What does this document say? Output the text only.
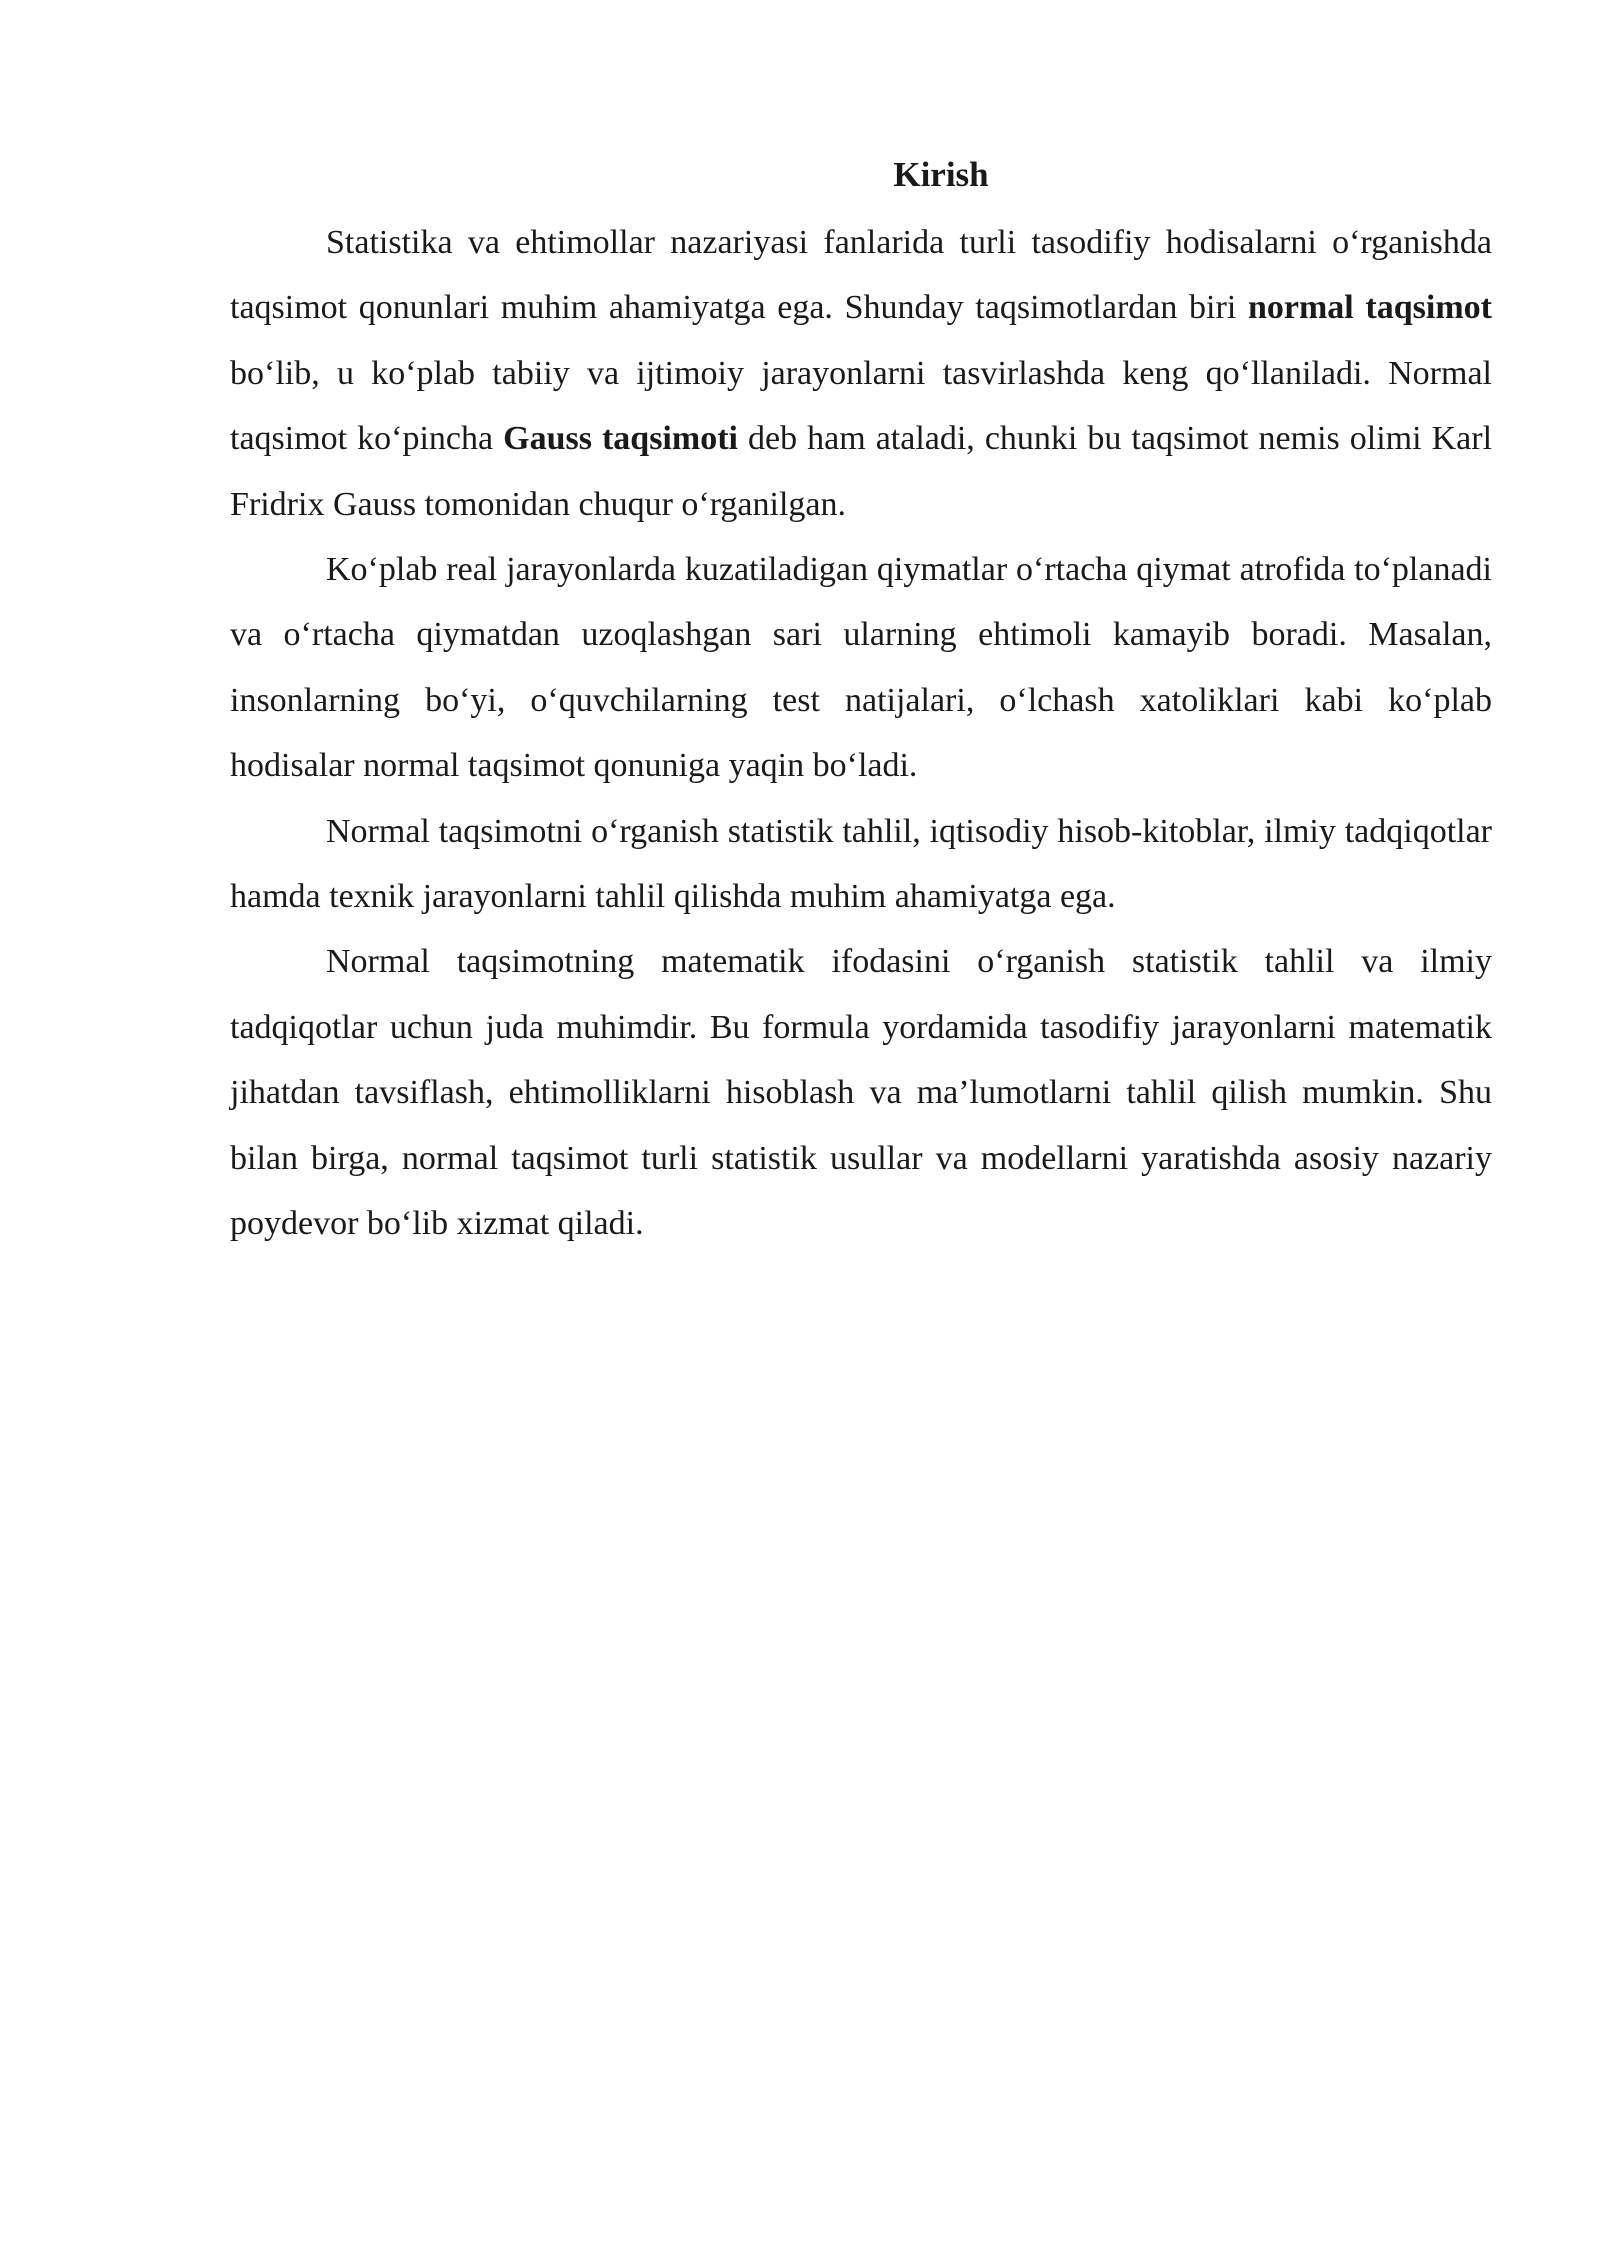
Kirish

Statistika va ehtimollar nazariyasi fanlarida turli tasodifiy hodisalarni o‘rganishda taqsimot qonunlari muhim ahamiyatga ega. Shunday taqsimotlardan biri normal taqsimot bo‘lib, u ko‘plab tabiiy va ijtimoiy jarayonlarni tasvirlashda keng qo‘llaniladi. Normal taqsimot ko‘pincha Gauss taqsimoti deb ham ataladi, chunki bu taqsimot nemis olimi Karl Fridrix Gauss tomonidan chuqur o‘rganilgan.

Ko‘plab real jarayonlarda kuzatiladigan qiymatlar o‘rtacha qiymat atrofida to‘planadi va o‘rtacha qiymatdan uzoqlashgan sari ularning ehtimoli kamayib boradi. Masalan, insonlarning bo‘yi, o‘quvchilarning test natijalari, o‘lchash xatoliklari kabi ko‘plab hodisalar normal taqsimot qonuniga yaqin bo‘ladi.

Normal taqsimotni o‘rganish statistik tahlil, iqtisodiy hisob-kitoblar, ilmiy tadqiqotlar hamda texnik jarayonlarni tahlil qilishda muhim ahamiyatga ega.

Normal taqsimotning matematik ifodasini o‘rganish statistik tahlil va ilmiy tadqiqotlar uchun juda muhimdir. Bu formula yordamida tasodifiy jarayonlarni matematik jihatdan tavsiflash, ehtimolliklarni hisoblash va ma’lumotlarni tahlil qilish mumkin. Shu bilan birga, normal taqsimot turli statistik usullar va modellarni yaratishda asosiy nazariy poydevor bo‘lib xizmat qiladi.
